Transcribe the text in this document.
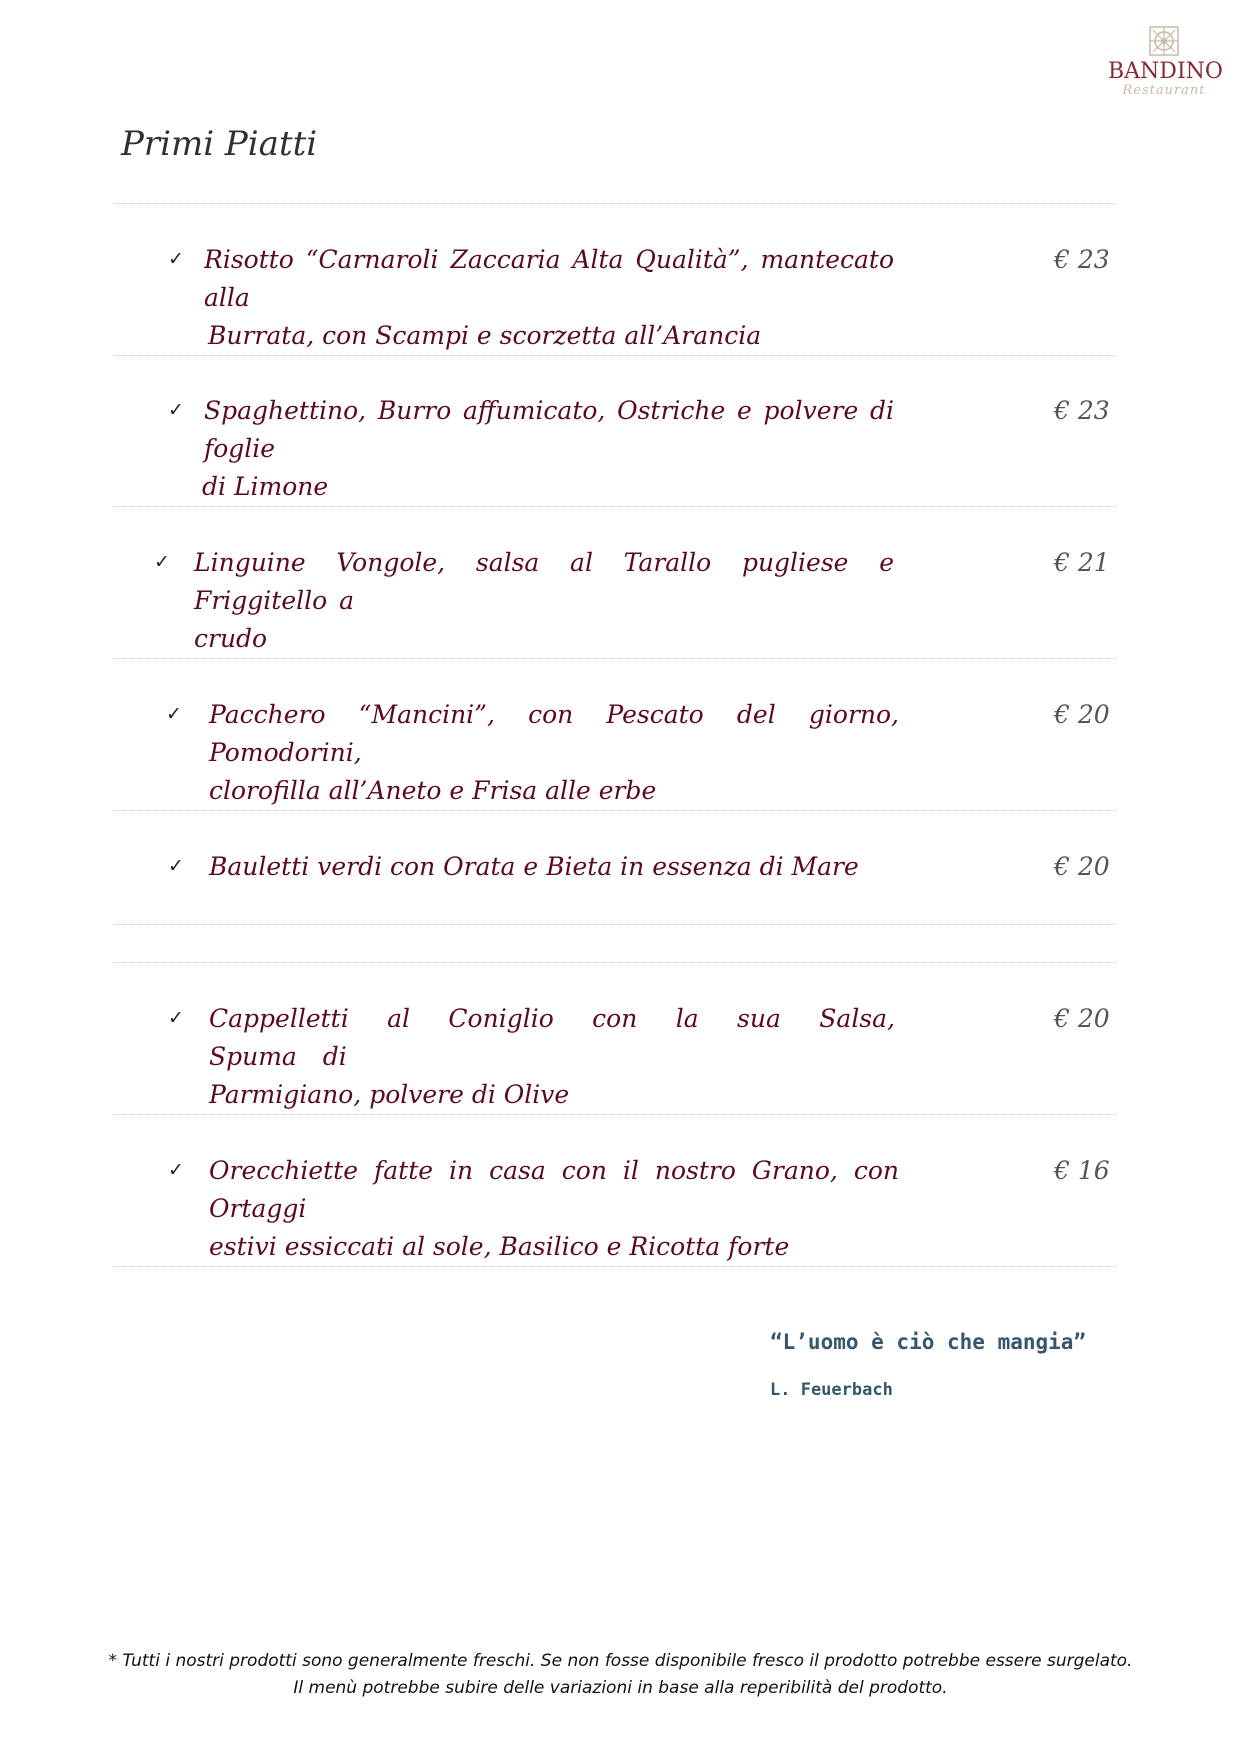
BANDINO
Restaurant
Primi Piatti
✓ Risotto “Carnaroli Zaccaria Alta Qualità”, mantecato alla
Burrata, con Scampi e scorzetta all’Arancia
€ 23
✓ Spaghettino, Burro affumicato, Ostriche e polvere di foglie
di Limone
€ 23
✓ Linguine Vongole, salsa al Tarallo pugliese e Friggitello a
crudo
€ 21
✓ Pacchero “Mancini”, con Pescato del giorno, Pomodorini,
clorofilla all’Aneto e Frisa alle erbe
€ 20
✓ Bauletti verdi con Orata e Bieta in essenza di Mare	€ 20
✓ Cappelletti al Coniglio con la sua Salsa, Spuma di
Parmigiano, polvere di Olive
€ 20
✓ Orecchiette fatte in casa con il nostro Grano, con Ortaggi
estivi essiccati al sole, Basilico e Ricotta forte
€ 16
“L’uomo è ciò che mangia”
L. Feuerbach
* Tutti i nostri prodotti sono generalmente freschi. Se non fosse disponibile fresco il prodotto potrebbe essere surgelato.
Il menù potrebbe subire delle variazioni in base alla reperibilità del prodotto.
